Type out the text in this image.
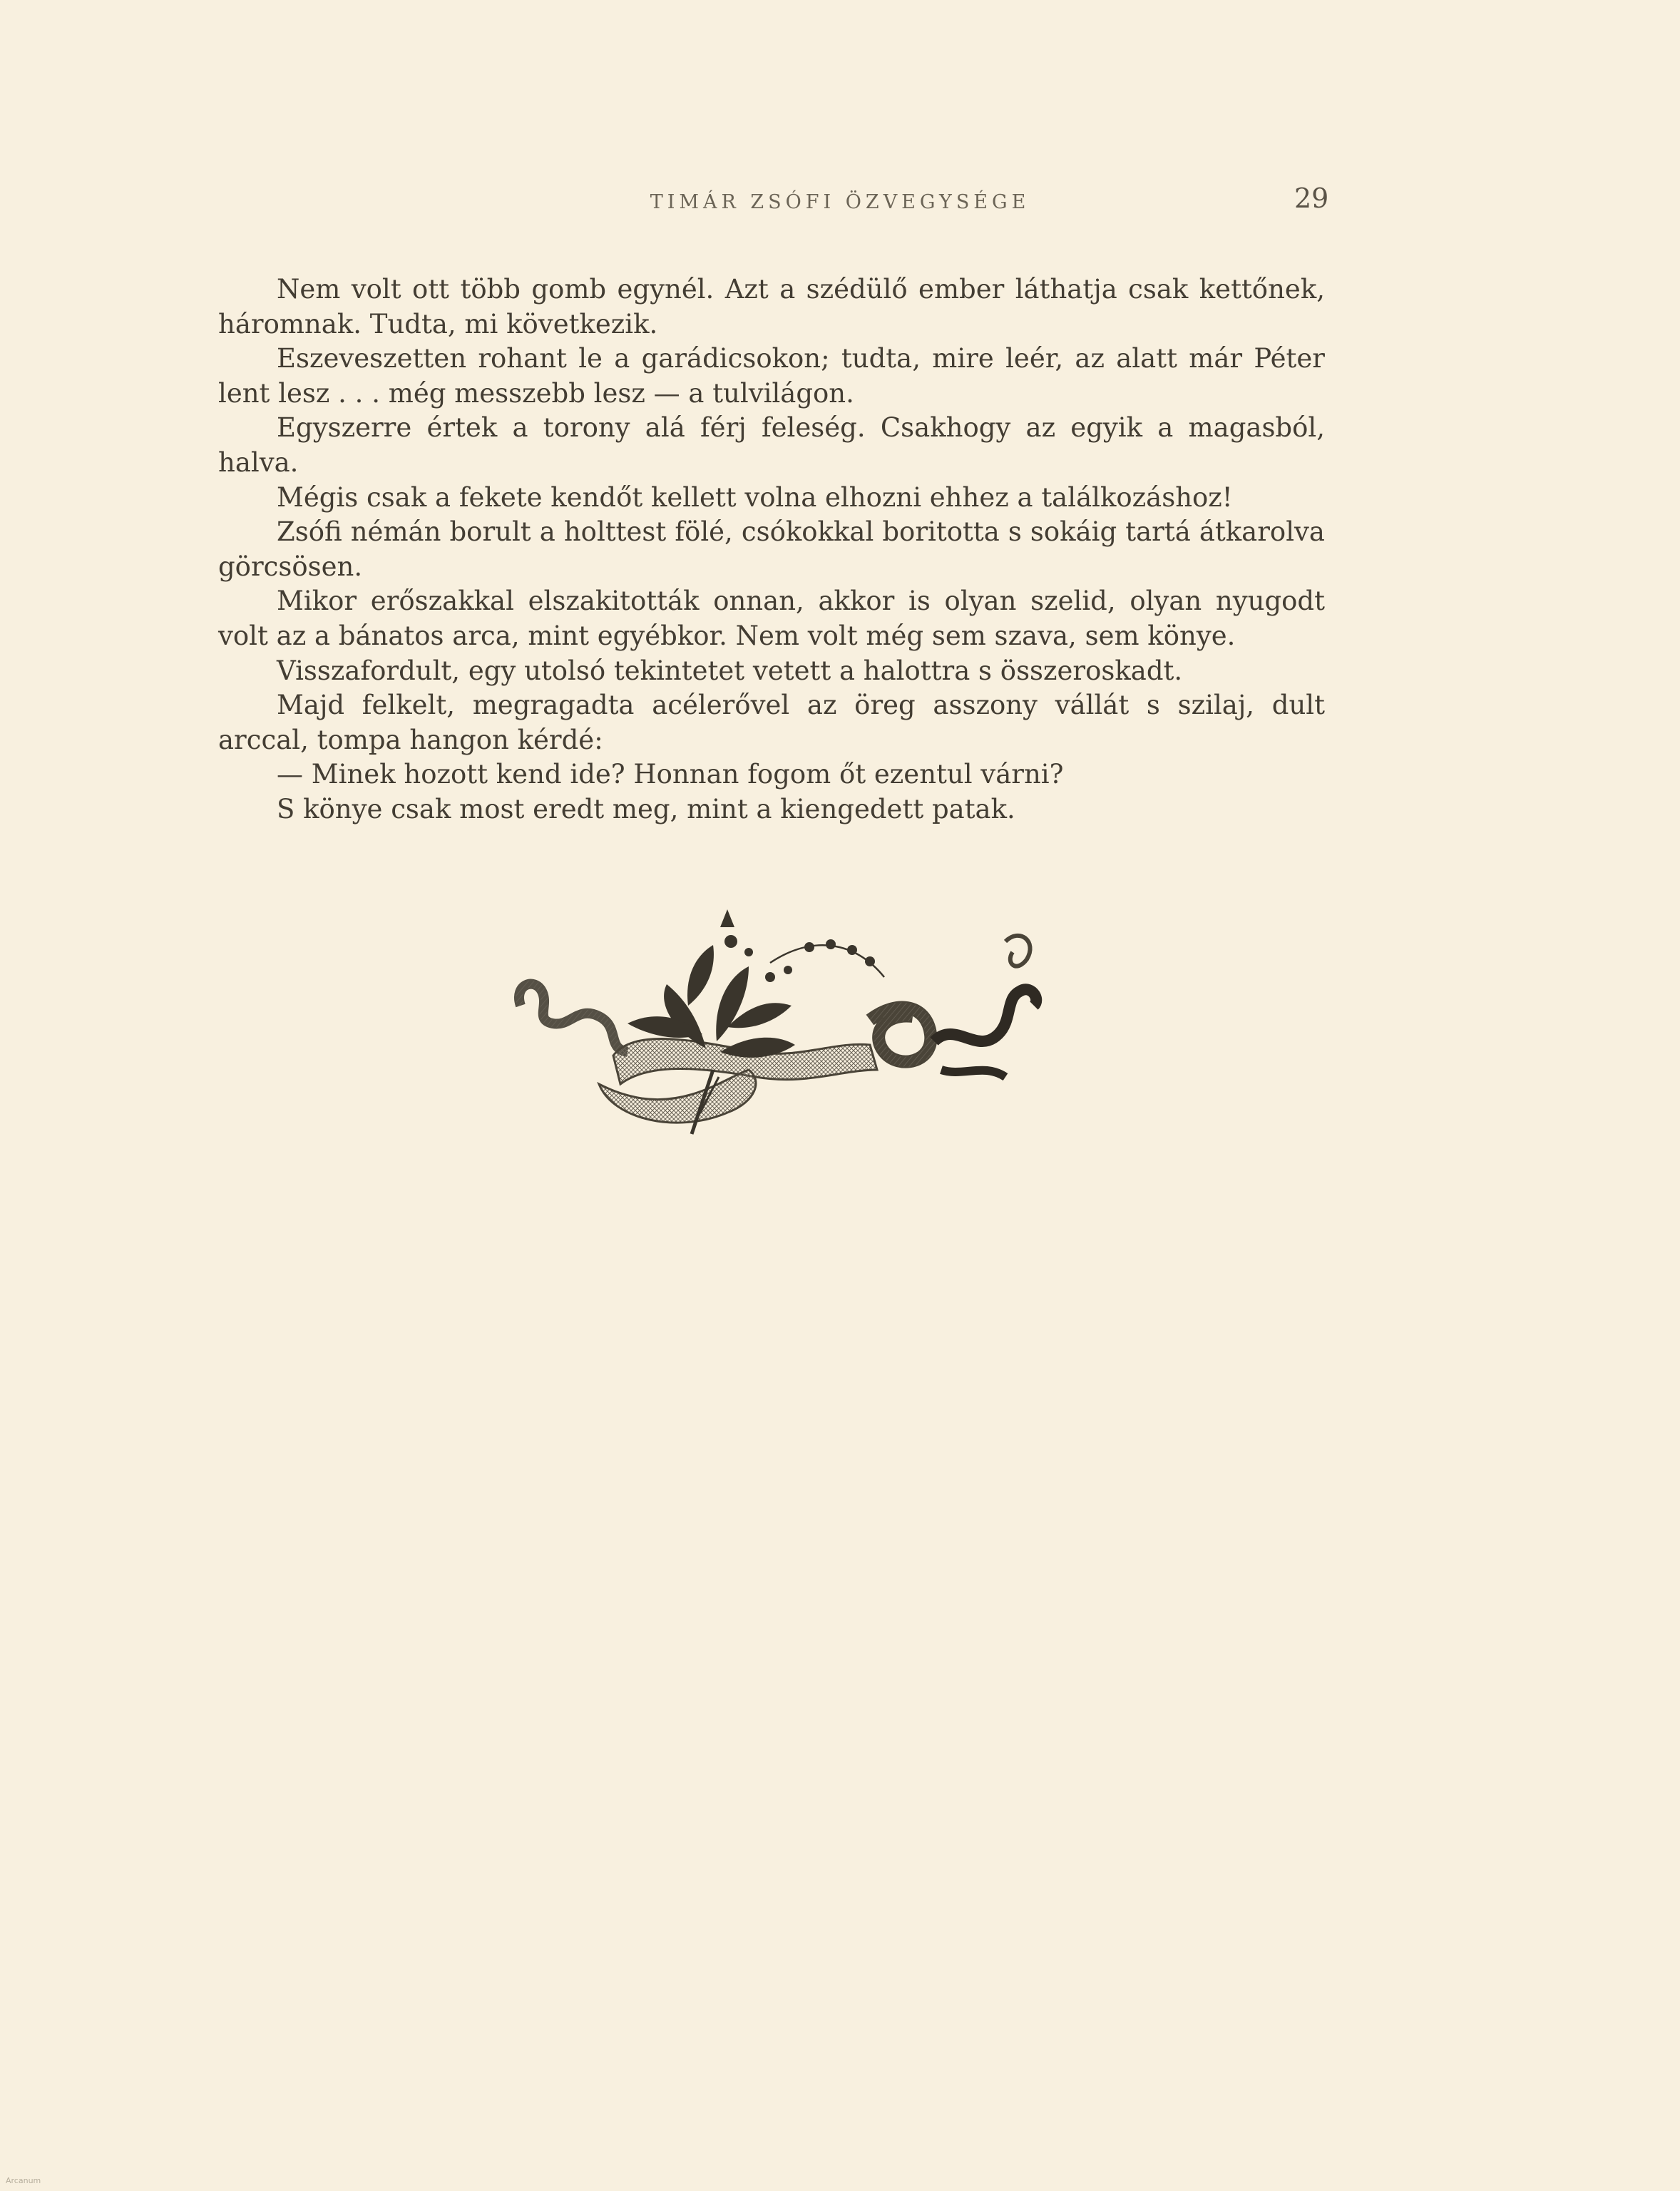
TIMÁR ZSÓFI ÖZVEGYSÉGE	29

Nem volt ott több gomb egynél. Azt a szédülő ember láthatja csak kettőnek, háromnak. Tudta, mi következik.

Eszeveszetten rohant le a garádicsokon; tudta, mire leér, az alatt már Péter lent lesz . . . még messzebb lesz — a tulvilágon.

Egyszerre értek a torony alá férj feleség. Csakhogy az egyik a magasból, halva.

Mégis csak a fekete kendőt kellett volna elhozni ehhez a találkozáshoz!

Zsófi némán borult a holttest fölé, csókokkal boritotta s sokáig tartá átkarolva görcsösen.

Mikor erőszakkal elszakitották onnan, akkor is olyan szelid, olyan nyugodt volt az a bánatos arca, mint egyébkor. Nem volt még sem szava, sem könye.

Visszafordult, egy utolsó tekintetet vetett a halottra s összeroskadt.

Majd felkelt, megragadta acélerővel az öreg asszony vállát s szilaj, dult arccal, tompa hangon kérdé:

— Minek hozott kend ide? Honnan fogom őt ezentul várni?

S könye csak most eredt meg, mint a kiengedett patak.

Arcanum
